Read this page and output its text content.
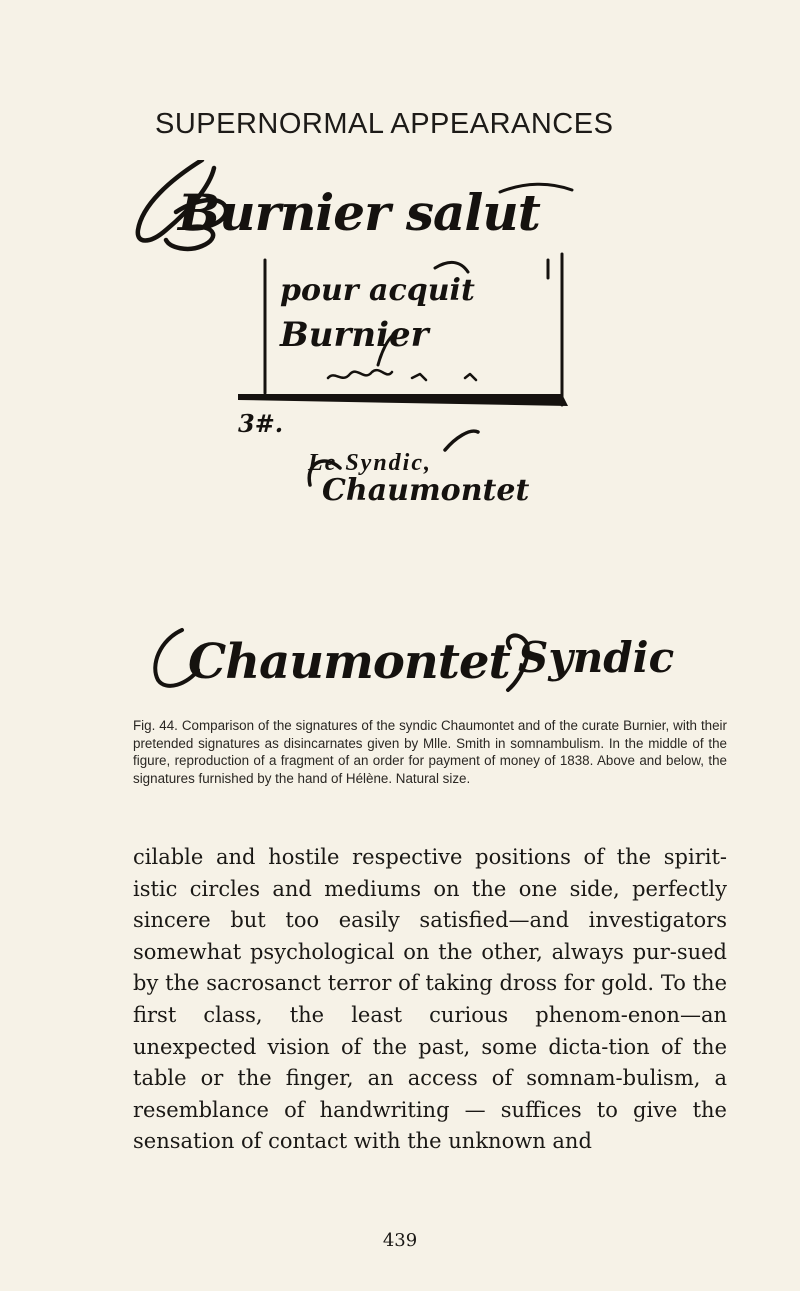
SUPERNORMAL APPEARANCES
Burnier salut
pour acquit
Burnier
3#.
Le Syndic,
Chaumontet
Chaumontet Syndic
Fig. 44. Comparison of the signatures of the syndic Chaumontet and of the curate Burnier, with their pretended signatures as disincarnates given by Mlle. Smith in somnambulism. In the middle of the figure, reproduction of a fragment of an order for payment of money of 1838. Above and below, the signatures furnished by the hand of Hélène. Natural size.
cilable and hostile respective positions of the spirit-istic circles and mediums on the one side, perfectly sincere but too easily satisfied—and investigators somewhat psychological on the other, always pur-sued by the sacrosanct terror of taking dross for gold. To the first class, the least curious phenom-enon—an unexpected vision of the past, some dicta-tion of the table or the finger, an access of somnam-bulism, a resemblance of handwriting — suffices to give the sensation of contact with the unknown and
439
